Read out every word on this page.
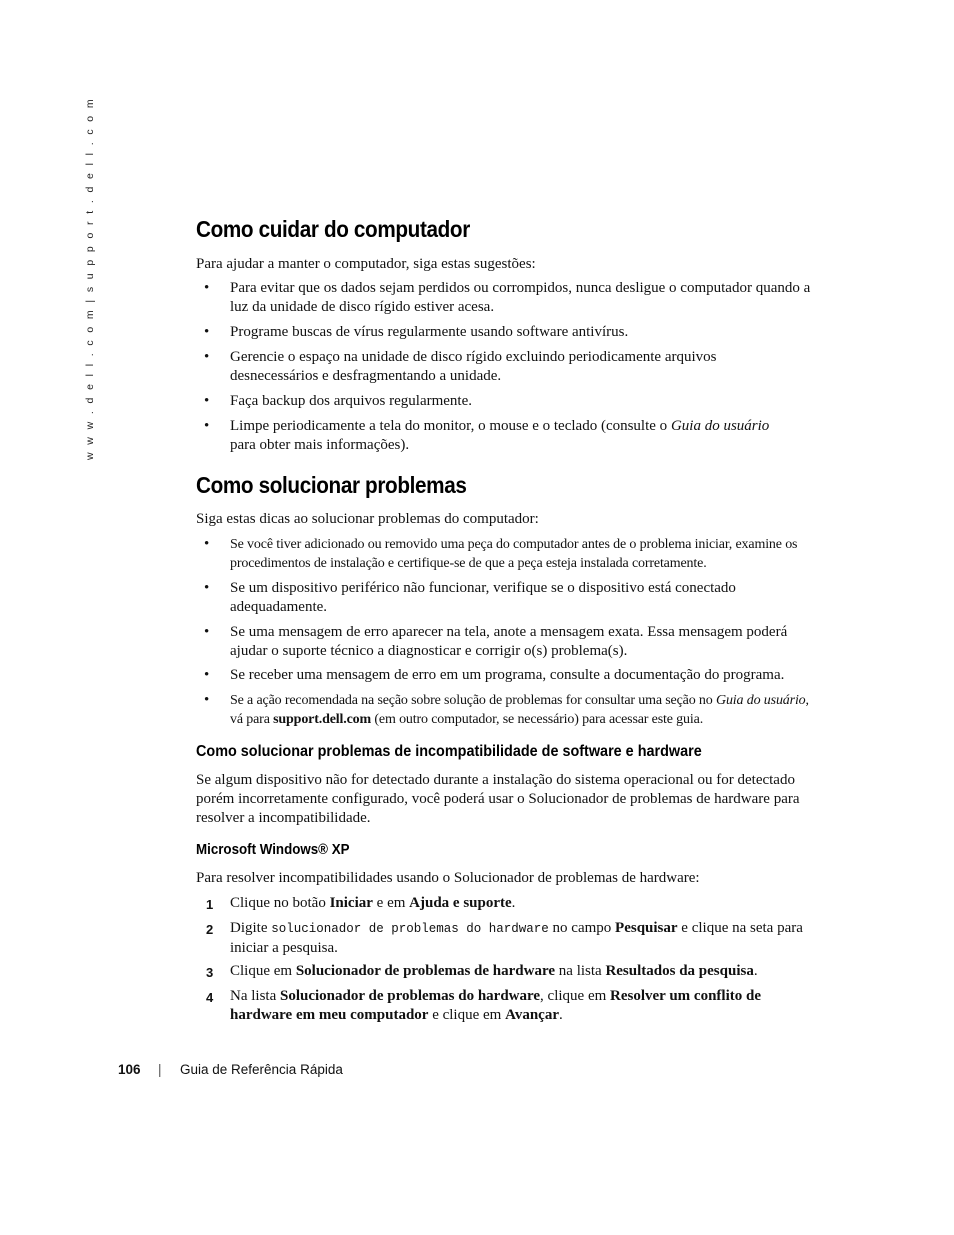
w w w . d e l l . c o m | s u p p o r t . d e l l . c o m	Como cuidar do computador

Para ajudar a manter o computador, siga estas sugestões:

•	Para evitar que os dados sejam perdidos ou corrompidos, nunca desligue o computador quando a luz da unidade de disco rígido estiver acesa.
•	Programe buscas de vírus regularmente usando software antivírus.
•	Gerencie o espaço na unidade de disco rígido excluindo periodicamente arquivos desnecessários e desfragmentando a unidade.
•	Faça backup dos arquivos regularmente.
•	Limpe periodicamente a tela do monitor, o mouse e o teclado (consulte o Guia do usuário para obter mais informações).
Como solucionar problemas

Siga estas dicas ao solucionar problemas do computador:

•	Se você tiver adicionado ou removido uma peça do computador antes de o problema iniciar, examine os procedimentos de instalação e certifique-se de que a peça esteja instalada corretamente.
•	Se um dispositivo periférico não funcionar, verifique se o dispositivo está conectado adequadamente.
•	Se uma mensagem de erro aparecer na tela, anote a mensagem exata. Essa mensagem poderá ajudar o suporte técnico a diagnosticar e corrigir o(s) problema(s).
•	Se receber uma mensagem de erro em um programa, consulte a documentação do programa.
•	Se a ação recomendada na seção sobre solução de problemas for consultar uma seção no Guia do usuário, vá para support.dell.com (em outro computador, se necessário) para acessar este guia.
Como solucionar problemas de incompatibilidade de software e hardware

Se algum dispositivo não for detectado durante a instalação do sistema operacional ou for detectado porém incorretamente configurado, você poderá usar o Solucionador de problemas de hardware para resolver a incompatibilidade.

Microsoft Windows® XP

Para resolver incompatibilidades usando o Solucionador de problemas de hardware:

1 Clique no botão Iniciar e em Ajuda e suporte.
2 Digite solucionador de problemas do hardware no campo Pesquisar e clique na seta para iniciar a pesquisa.
3 Clique em Solucionador de problemas de hardware na lista Resultados da pesquisa.
4 Na lista Solucionador de problemas do hardware, clique em Resolver um conflito de hardware em meu computador e clique em Avançar.
106 | Guia de Referência Rápida
